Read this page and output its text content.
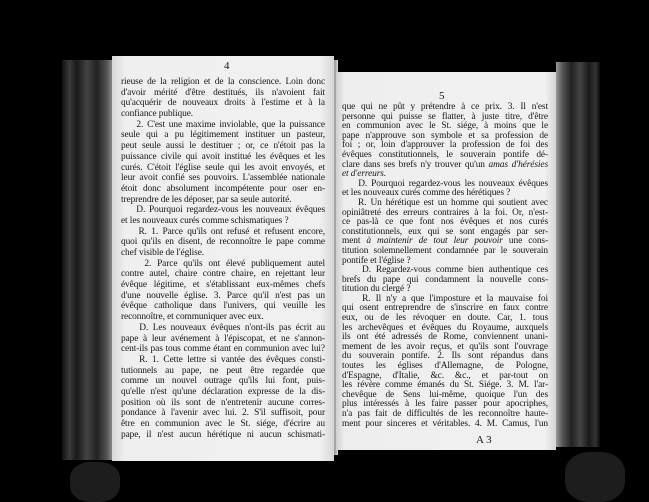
4
rieuse de la religion et de la conscience. Loin donc
d'avoir mérité d'être destitués, ils n'avoient fait
qu'acquérir de nouveaux droits à l'estime et à la
confiance publique.
2. C'est une maxime inviolable, que la puissance
seule qui a pu légitimement instituer un pasteur,
peut seule aussi le destituer ; or, ce n'étoit pas la
puissance civile qui avoit institué les évêques et les
curés. C'étoit l'église seule qui les avoit envoyés, et
leur avoit confié ses pouvoirs. L'assemblée nationale
étoit donc absolument incompétente pour oser en-
treprendre de les déposer, par sa seule autorité.
D. Pourquoi regardez-vous les nouveaux évêques
et les nouveaux curés comme schismatiques ?
R. 1. Parce qu'ils ont refusé et refusent encore,
quoi qu'ils en disent, de reconnoître le pape comme
chef visible de l'église.
2. Parce qu'ils ont élevé publiquement autel
contre autel, chaire contre chaire, en rejettant leur
évêque légitime, et s'établissant eux-mêmes chefs
d'une nouvelle église. 3. Parce qu'il n'est pas un
évêque catholique dans l'univers, qui veuille les
reconnoître, et communiquer avec eux.
D. Les nouveaux évêques n'ont-ils pas écrit au
pape à leur avénement à l'épiscopat, et ne s'annon-
cent-ils pas tous comme étant en communion avec lui?
R. 1. Cette lettre si vantée des évêques consti-
tutionnels au pape, ne peut être regardée que
comme un nouvel outrage qu'ils lui font, puis-
qu'elle n'est qu'une déclaration expresse de la dis-
position où ils sont de n'entretenir aucune corres-
pondance à l'avenir avec lui. 2. S'il suffisoit, pour
être en communion avec le St. siége, d'écrire au
pape, il n'est aucun hérétique ni aucun schismati-
5
que qui ne pût y prétendre à ce prix. 3. Il n'est
personne qui puisse se flatter, à juste titre, d'être
en communion avec le St. siége, à moins que le
pape n'approuve son symbole et sa profession de
foi ; or, loin d'approuver la profession de foi des
évêques constitutionnels, le souverain pontife dé-
clare dans ses brefs n'y trouver qu'un amas d'hérésies
et d'erreurs.
D. Pourquoi regardez-vous les nouveaux évêques
et les nouveaux curés comme des hérétiques ?
R. Un hérétique est un homme qui soutient avec
opiniâtreté des erreurs contraires à la foi. Or, n'est-
ce pas-là ce que font nos évêques et nos curés
constitutionnels, eux qui se sont engagés par ser-
ment à maintenir de tout leur pouvoir une cons-
titution solemnellement condamnée par le souverain
pontife et l'église ?
D. Regardez-vous comme bien authentique ces
brefs du pape qui condamnent la nouvelle cons-
titution du clergé ?
R. Il n'y a que l'imposture et la mauvaise foi
qui osent entreprendre de s'inscrire en faux contre
eux, ou de les révoquer en doute. Car, 1. tous
les archevêques et évêques du Royaume, auxquels
ils ont été adressés de Rome, conviennent unani-
mement de les avoir reçus, et qu'ils sont l'ouvrage
du souverain pontife. 2. Ils sont répandus dans
toutes les églises d'Allemagne, de Pologne,
d'Espagne, d'Italie, &c. &c., et par-tout on
les révère comme émanés du St. Siége. 3. M. l'ar-
chevêque de Sens lui-même, quoique l'un des
plus intéressés à les faire passer pour apocriphes,
n'a pas fait de difficultés de les reconnoître haute-
ment pour sinceres et véritables. 4. M. Camus, l'un
A 3
